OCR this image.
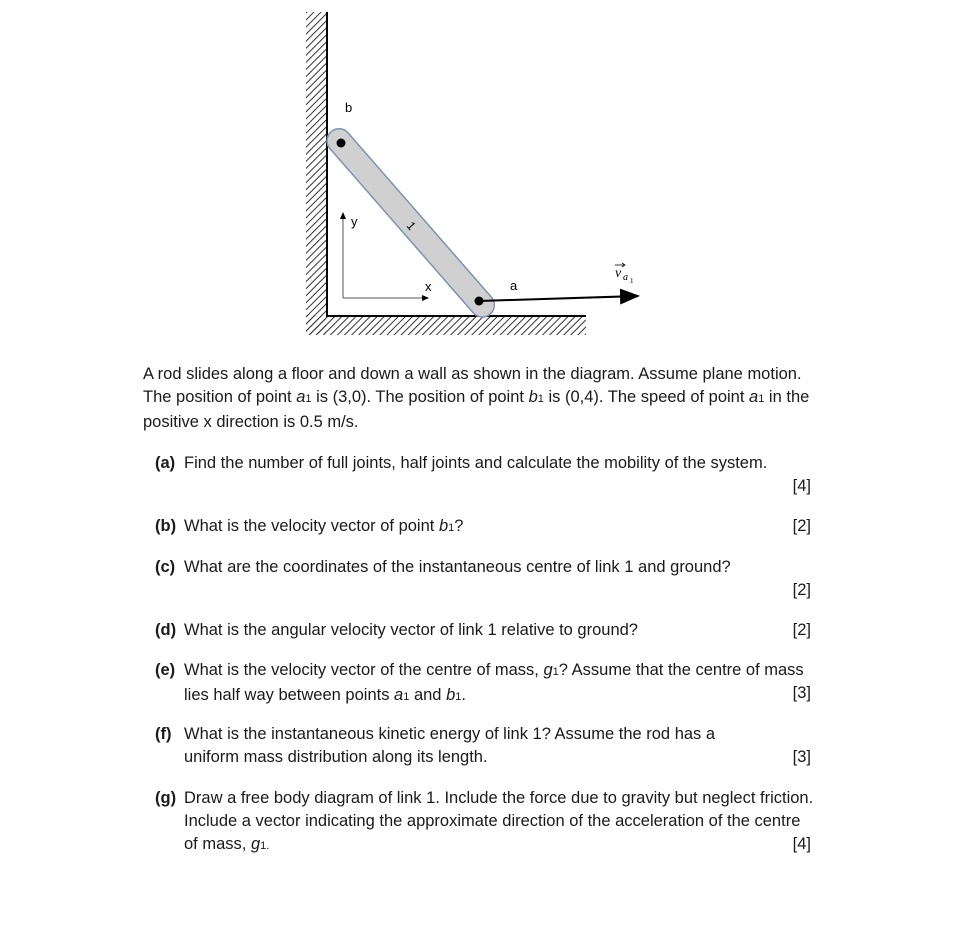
b
y
x	a
1
v a 1

A rod slides along a floor and down a wall as shown in the diagram. Assume plane motion. The position of point a1 is (3,0). The position of point b1 is (0,4). The speed of point a1 in the positive x direction is 0.5 m/s.

(a) Find the number of full joints, half joints and calculate the mobility of the system.
[4]
(b) What is the velocity vector of point b1?	[2]
(c) What are the coordinates of the instantaneous centre of link 1 and ground?
[2]
(d) What is the angular velocity vector of link 1 relative to ground?	[2]
(e) What is the velocity vector of the centre of mass, g1? Assume that the centre of mass lies half way between points a1 and b1.	[3]
(f) What is the instantaneous kinetic energy of link 1? Assume the rod has a uniform mass distribution along its length.	[3]
(g) Draw a free body diagram of link 1. Include the force due to gravity but neglect friction. Include a vector indicating the approximate direction of the acceleration of the centre of mass, g1.	[4]
